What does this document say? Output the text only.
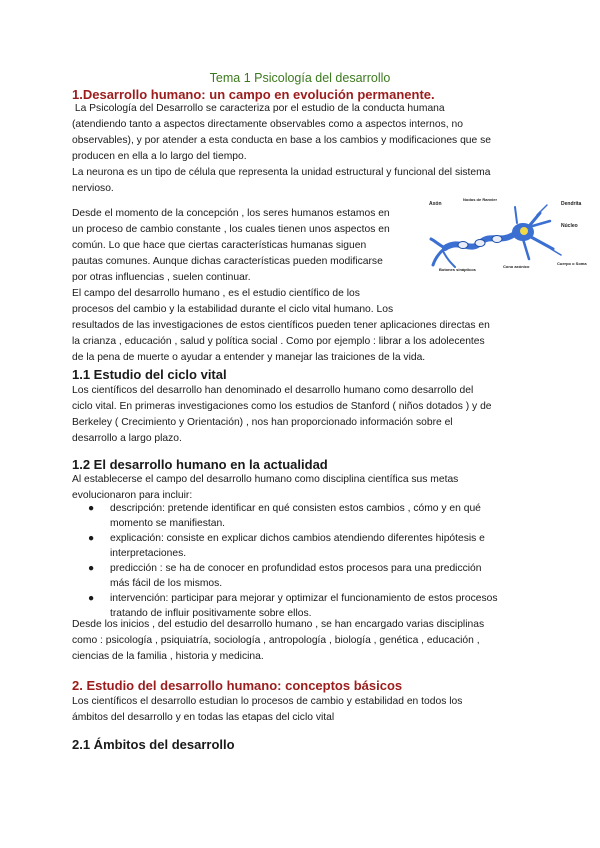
Tema 1 Psicología del desarrollo
1.Desarrollo humano: un campo en evolución permanente.
La Psicología del Desarrollo se caracteriza por el estudio de la conducta humana
(atendiendo tanto a aspectos directamente observables como a aspectos internos, no
observables), y por atender a esta conducta en base a los cambios y modificaciones que se
producen en ella a lo largo del tiempo.
La neurona es un tipo de célula que representa la unidad estructural y funcional del sistema
nervioso.
Desde el momento de la concepción , los seres humanos estamos en
un proceso de cambio constante , los cuales tienen unos aspectos en
común. Lo que hace que ciertas características humanas siguen
pautas comunes. Aunque dichas características pueden modificarse
por otras influencias , suelen continuar.
El campo del desarrollo humano , es el estudio científico de los
procesos del cambio y la estabilidad durante el ciclo vital humano. Los
resultados de las investigaciones de estos científicos pueden tener aplicaciones directas en
la crianza , educación , salud y política social . Como por ejemplo : librar a los adolecentes
de la pena de muerte o ayudar a entender y manejar las traiciones de la vida.
Axón
Nodos de Ranvier
Dendrita
Núcleo
Botones sinápticos
Cono axónico
Cuerpo o Soma
1.1 Estudio del ciclo vital
Los científicos del desarrollo han denominado el desarrollo humano como desarrollo del
ciclo vital. En primeras investigaciones como los estudios de Stanford ( niños dotados ) y de
Berkeley ( Crecimiento y Orientación) , nos han proporcionado información sobre el
desarrollo a largo plazo.
1.2 El desarrollo humano en la actualidad
Al establecerse el campo del desarrollo humano como disciplina científica sus metas
evolucionaron para incluir:
● descripción: pretende identificar en qué consisten estos cambios , cómo y en qué
momento se manifiestan.
● explicación: consiste en explicar dichos cambios atendiendo diferentes hipótesis e
interpretaciones.
● predicción : se ha de conocer en profundidad estos procesos para una predicción
más fácil de los mismos.
● intervención: participar para mejorar y optimizar el funcionamiento de estos procesos
tratando de influir positivamente sobre ellos.
Desde los inicios , del estudio del desarrollo humano , se han encargado varias disciplinas
como : psicología , psiquiatría, sociología , antropología , biología , genética , educación ,
ciencias de la familia , historia y medicina.
2. Estudio del desarrollo humano: conceptos básicos
Los científicos el desarrollo estudian lo procesos de cambio y estabilidad en todos los
ámbitos del desarrollo y en todas las etapas del ciclo vital
2.1 Ámbitos del desarrollo
